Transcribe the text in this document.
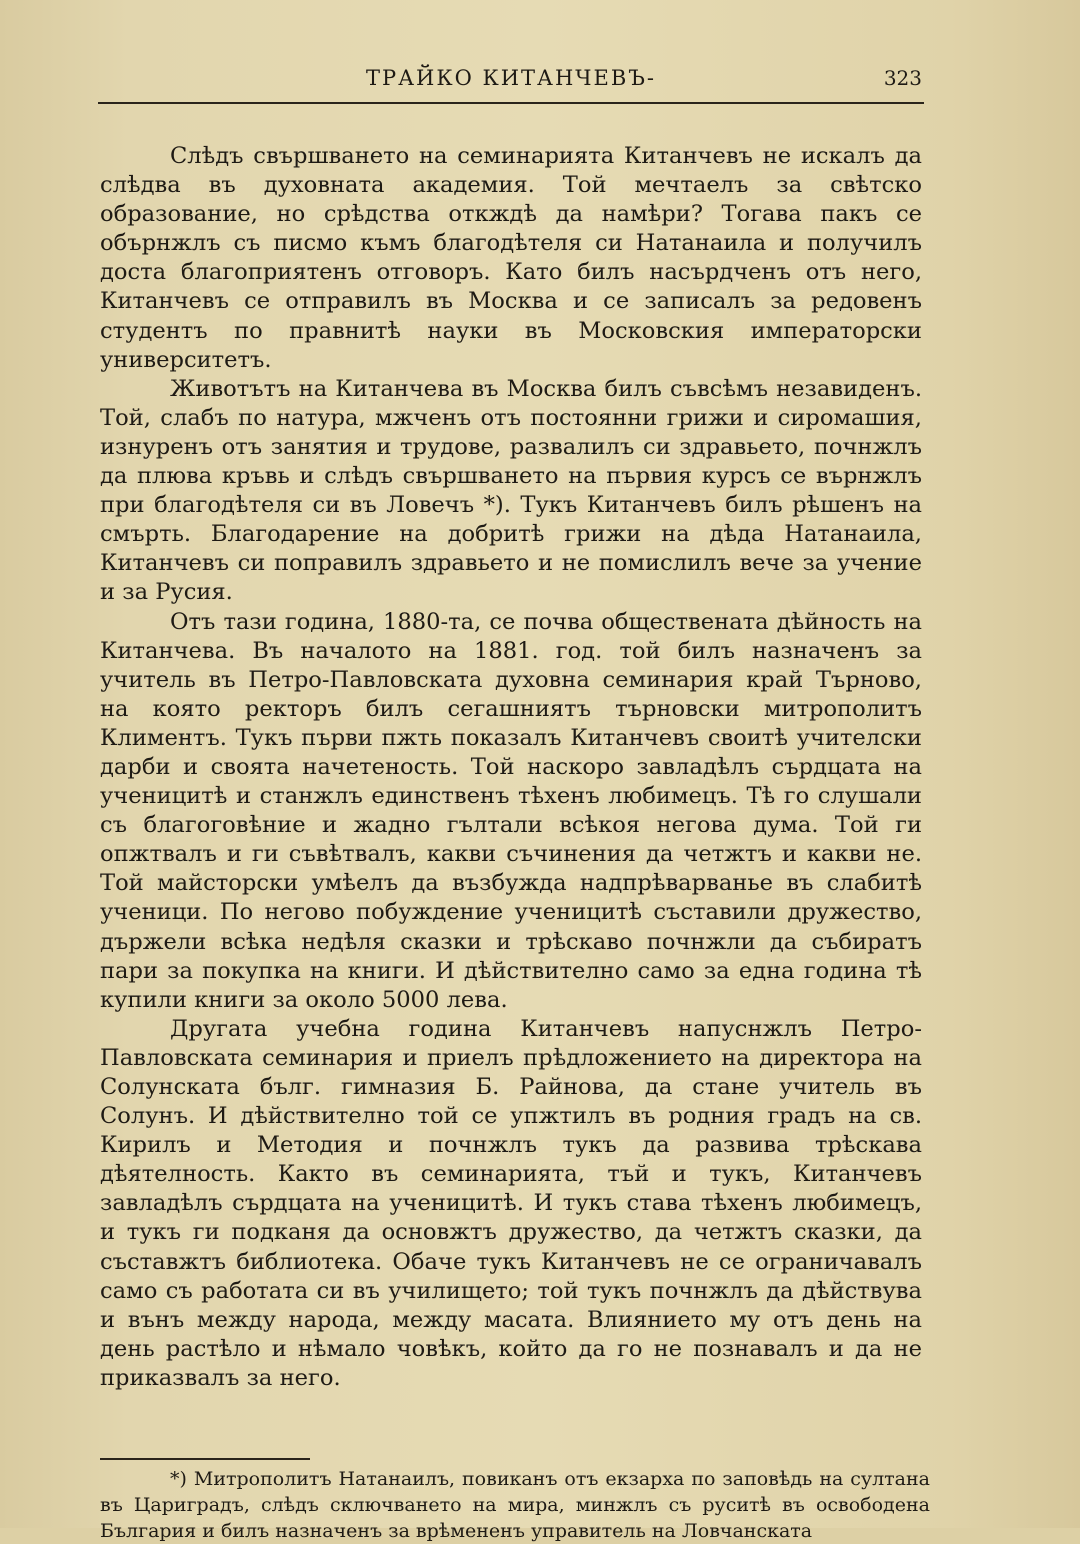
ТРАЙКО КИТАНЧЕВЪ-	323

Слѣдъ свършването на семинарията Китанчевъ не искалъ да слѣдва въ духовната академия. Той мечтаелъ за свѣтско образование, но срѣдства откждѣ да намѣри? Тогава пакъ се обърнжлъ съ писмо къмъ благодѣтеля си Натанаила и получилъ доста благоприятенъ отговоръ. Като билъ насърдченъ отъ него, Китанчевъ се отправилъ въ Москва и се записалъ за редовенъ студентъ по правнитѣ науки въ Московския императорски университетъ.

Животътъ на Китанчева въ Москва билъ съвсѣмъ незавиденъ. Той, слабъ по натура, мжченъ отъ постоянни грижи и сиромашия, изнуренъ отъ занятия и трудове, развалилъ си здравьето, почнжлъ да плюва кръвь и слѣдъ свършването на първия курсъ се върнжлъ при благодѣтеля си въ Ловечъ *). Тукъ Китанчевъ билъ рѣшенъ на смърть. Благодарение на добритѣ грижи на дѣда Натанаила, Китанчевъ си поправилъ здравьето и не помислилъ вече за учение и за Русия.

Отъ тази година, 1880-та, се почва обществената дѣйность на Китанчева. Въ началото на 1881. год. той билъ назначенъ за учитель въ Петро-Павловската духовна семинария край Търново, на която ректоръ билъ сегашниятъ търновски митрополитъ Климентъ. Тукъ първи пжть показалъ Китанчевъ своитѣ учителски дарби и своята начетеность. Той наскоро завладѣлъ сърдцата на ученицитѣ и станжлъ единственъ тѣхенъ любимецъ. Тѣ го слушали съ благоговѣние и жадно гълтали всѣкоя негова дума. Той ги опжтвалъ и ги съвѣтвалъ, какви съчинения да четжтъ и какви не. Той майсторски умѣелъ да възбужда надпрѣварванье въ слабитѣ ученици. По негово побуждение ученицитѣ съставили дружество, държели всѣка недѣля сказки и трѣскаво почнжли да събиратъ пари за покупка на книги. И дѣйствително само за една година тѣ купили книги за около 5000 лева.

Другата учебна година Китанчевъ напуснжлъ Петро-Павловската семинария и приелъ прѣдложението на директора на Солунската бълг. гимназия Б. Райнова, да стане учитель въ Солунъ. И дѣйствително той се упжтилъ въ родния градъ на св. Кирилъ и Методия и почнжлъ тукъ да развива трѣскава дѣятелность. Както въ семинарията, тъй и тукъ, Китанчевъ завладѣлъ сърдцата на ученицитѣ. И тукъ става тѣхенъ любимецъ, и тукъ ги подканя да основжтъ дружество, да четжтъ сказки, да съставжтъ библиотека. Обаче тукъ Китанчевъ не се ограничавалъ само съ работата си въ училището; той тукъ почнжлъ да дѣйствува и вънъ между народа, между масата. Влиянието му отъ день на день растѣло и нѣмало човѣкъ, който да го не познавалъ и да не приказвалъ за него.

*) Митрополитъ Натанаилъ, повиканъ отъ екзарха по заповѣдь на султана въ Цариградъ, слѣдъ сключването на мира, минжлъ съ руситѣ въ освободена България и билъ назначенъ за врѣмененъ управитель на Ловчанската
